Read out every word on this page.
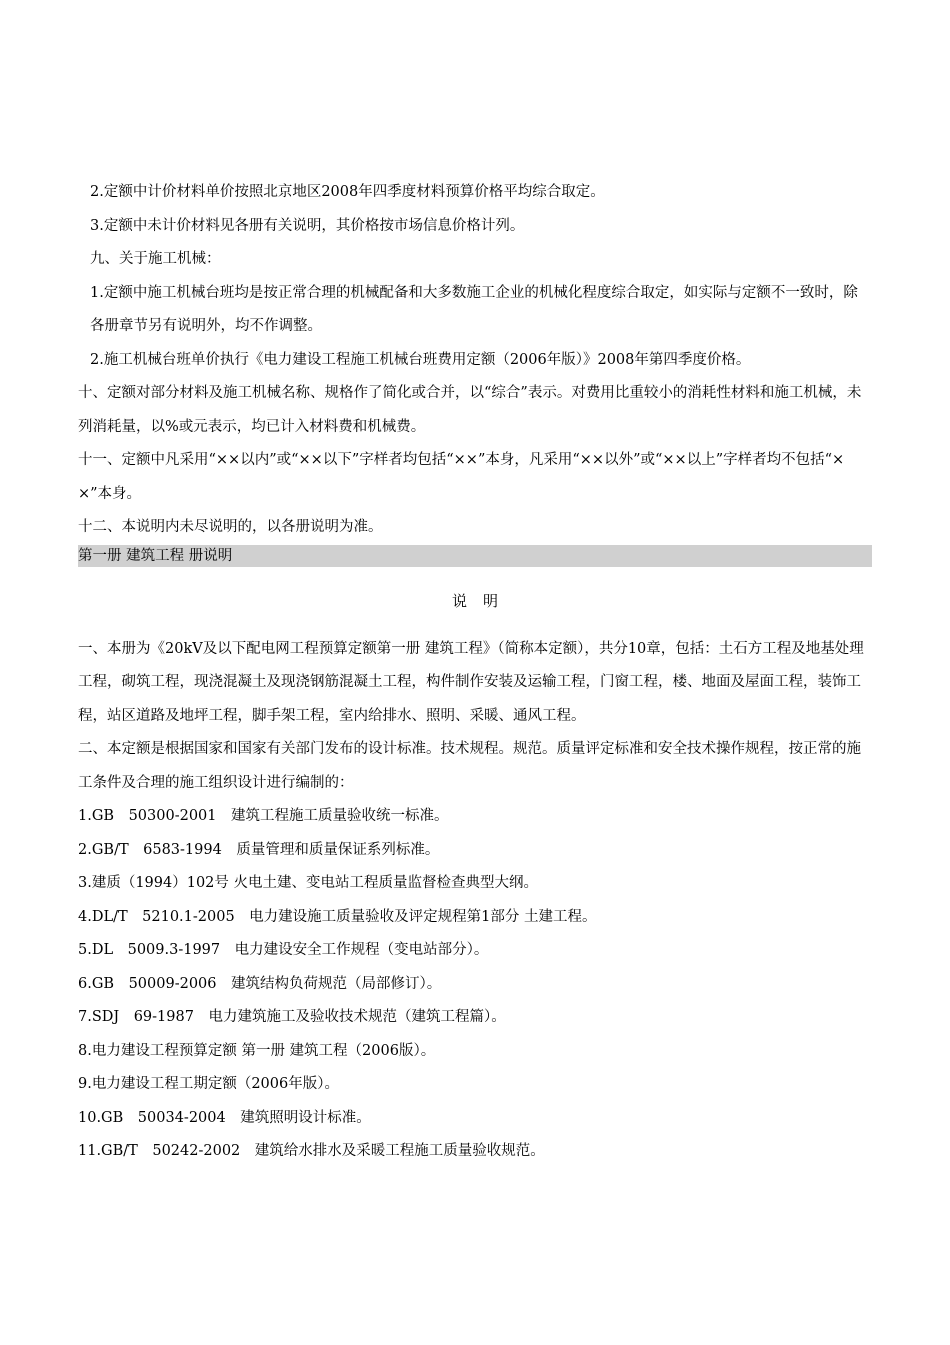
2.定额中计价材料单价按照北京地区2008年四季度材料预算价格平均综合取定。

3.定额中未计价材料见各册有关说明，其价格按市场信息价格计列。

九、关于施工机械：

1.定额中施工机械台班均是按正常合理的机械配备和大多数施工企业的机械化程度综合取定，如实际与定额不一致时，除各册章节另有说明外，均不作调整。

2.施工机械台班单价执行《电力建设工程施工机械台班费用定额（2006年版）》2008年第四季度价格。

十、定额对部分材料及施工机械名称、规格作了简化或合并，以“综合”表示。对费用比重较小的消耗性材料和施工机械，未列消耗量，以%或元表示，均已计入材料费和机械费。

十一、定额中凡采用“××以内”或“××以下”字样者均包括“××”本身，凡采用“××以外”或“××以上”字样者均不包括“××”本身。

十二、本说明内未尽说明的，以各册说明为准。

第一册 建筑工程 册说明
说明

一、本册为《20kV及以下配电网工程预算定额第一册 建筑工程》（简称本定额），共分10章，包括：土石方工程及地基处理工程，砌筑工程，现浇混凝土及现浇钢筋混凝土工程，构件制作安装及运输工程，门窗工程，楼、地面及屋面工程，装饰工程，站区道路及地坪工程，脚手架工程，室内给排水、照明、采暖、通风工程。

二、本定额是根据国家和国家有关部门发布的设计标准。技术规程。规范。质量评定标准和安全技术操作规程，按正常的施工条件及合理的施工组织设计进行编制的：

1.GB　50300-2001　建筑工程施工质量验收统一标准。

2.GB/T　6583-1994　质量管理和质量保证系列标准。

3.建质（1994）102号 火电土建、变电站工程质量监督检查典型大纲。

4.DL/T　5210.1-2005　电力建设施工质量验收及评定规程第1部分 土建工程。

5.DL　5009.3-1997　电力建设安全工作规程（变电站部分）。

6.GB　50009-2006　建筑结构负荷规范（局部修订）。

7.SDJ　69-1987　电力建筑施工及验收技术规范（建筑工程篇）。

8.电力建设工程预算定额 第一册 建筑工程（2006版）。

9.电力建设工程工期定额（2006年版）。

10.GB　50034-2004　建筑照明设计标准。

11.GB/T　50242-2002　建筑给水排水及采暖工程施工质量验收规范。
